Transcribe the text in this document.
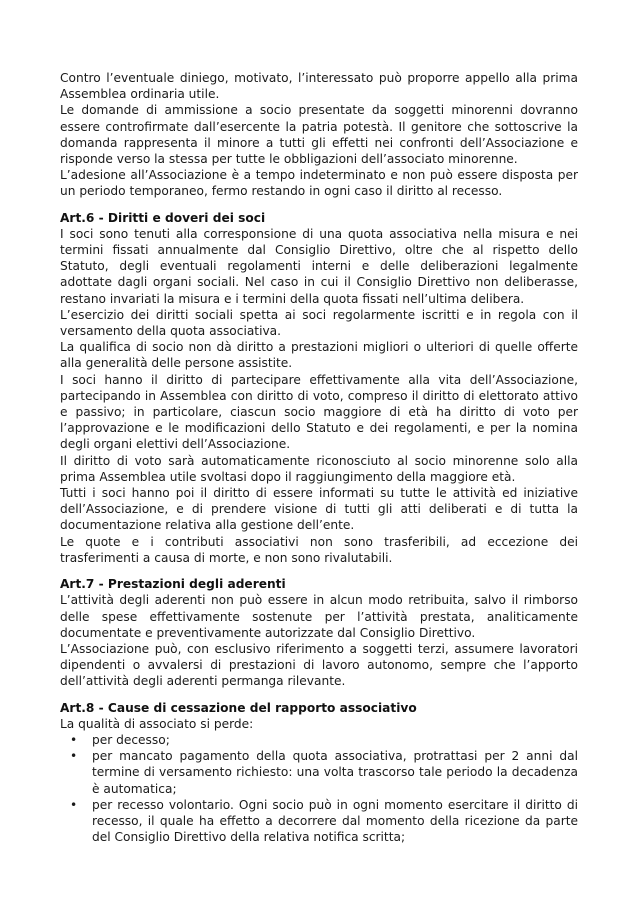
Contro l’eventuale diniego, motivato, l’interessato può proporre appello alla prima Assemblea ordinaria utile.

Le domande di ammissione a socio presentate da soggetti minorenni dovranno essere controfirmate dall’esercente la patria potestà. Il genitore che sottoscrive la domanda rappresenta il minore a tutti gli effetti nei confronti dell’Associazione e risponde verso la stessa per tutte le obbligazioni dell’associato minorenne.

L’adesione all’Associazione è a tempo indeterminato e non può essere disposta per un periodo temporaneo, fermo restando in ogni caso il diritto al recesso.

Art.6 - Diritti e doveri dei soci

I soci sono tenuti alla corresponsione di una quota associativa nella misura e nei termini fissati annualmente dal Consiglio Direttivo, oltre che al rispetto dello Statuto, degli eventuali regolamenti interni e delle deliberazioni legalmente adottate dagli organi sociali. Nel caso in cui il Consiglio Direttivo non deliberasse, restano invariati la misura e i termini della quota fissati nell’ultima delibera.

L’esercizio dei diritti sociali spetta ai soci regolarmente iscritti e in regola con il versamento della quota associativa.

La qualifica di socio non dà diritto a prestazioni migliori o ulteriori di quelle offerte alla generalità delle persone assistite.

I soci hanno il diritto di partecipare effettivamente alla vita dell’Associazione, partecipando in Assemblea con diritto di voto, compreso il diritto di elettorato attivo e passivo; in particolare, ciascun socio maggiore di età ha diritto di voto per l’approvazione e le modificazioni dello Statuto e dei regolamenti, e per la nomina degli organi elettivi dell’Associazione.

Il diritto di voto sarà automaticamente riconosciuto al socio minorenne solo alla prima Assemblea utile svoltasi dopo il raggiungimento della maggiore età.

Tutti i soci hanno poi il diritto di essere informati su tutte le attività ed iniziative dell’Associazione, e di prendere visione di tutti gli atti deliberati e di tutta la documentazione relativa alla gestione dell’ente.

Le quote e i contributi associativi non sono trasferibili, ad eccezione dei trasferimenti a causa di morte, e non sono rivalutabili.

Art.7 - Prestazioni degli aderenti

L’attività degli aderenti non può essere in alcun modo retribuita, salvo il rimborso delle spese effettivamente sostenute per l’attività prestata, analiticamente documentate e preventivamente autorizzate dal Consiglio Direttivo.

L’Associazione può, con esclusivo riferimento a soggetti terzi, assumere lavoratori dipendenti o avvalersi di prestazioni di lavoro autonomo, sempre che l’apporto dell’attività degli aderenti permanga rilevante.

Art.8 - Cause di cessazione del rapporto associativo

La qualità di associato si perde:

• per decesso;
• per mancato pagamento della quota associativa, protrattasi per 2 anni dal termine di versamento richiesto: una volta trascorso tale periodo la decadenza è automatica;
• per recesso volontario. Ogni socio può in ogni momento esercitare il diritto di recesso, il quale ha effetto a decorrere dal momento della ricezione da parte del Consiglio Direttivo della relativa notifica scritta;
